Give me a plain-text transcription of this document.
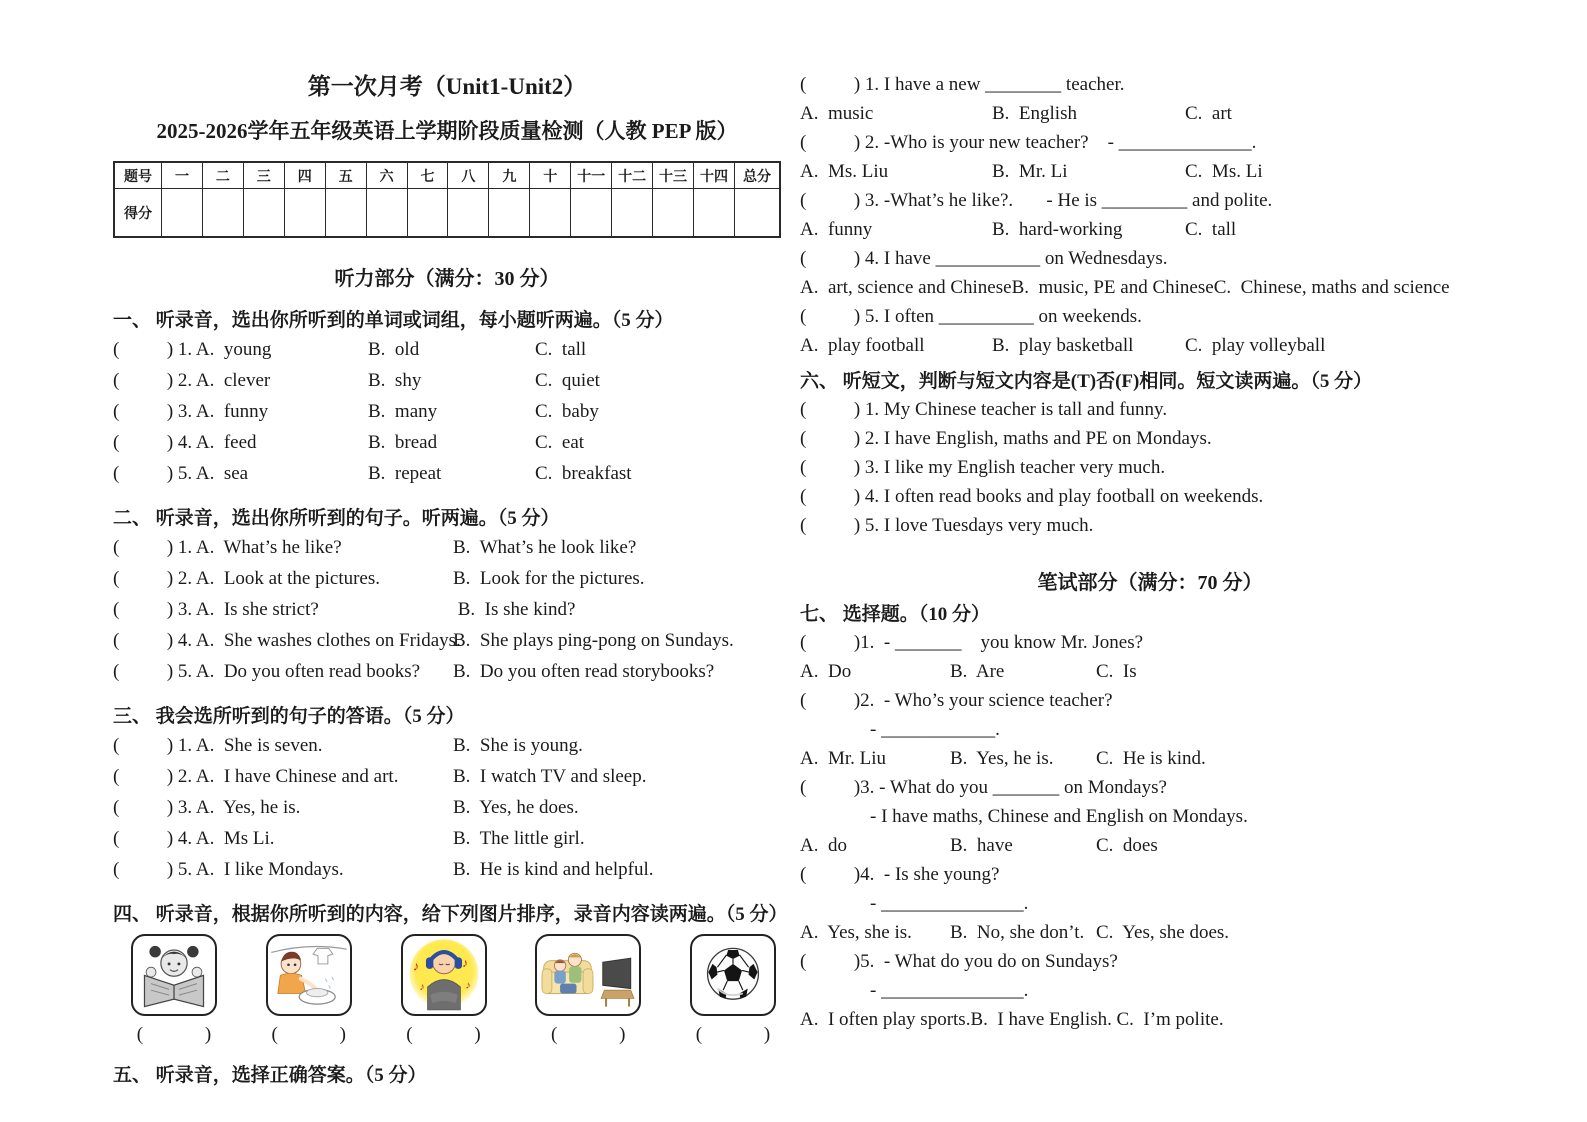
第一次月考（Unit1-Unit2）
2025-2026学年五年级英语上学期阶段质量检测（人教 PEP 版）
题号	一	二	三	四	五	六	七	八	九	十	十一	十二	十三	十四	总分
得分															
听力部分（满分：30 分）
一、 听录音，选出你所听到的单词或词组，每小题听两遍。（5 分）
(          ) 1. A.  young	B.  old	C.  tall
(          ) 2. A.  clever	B.  shy	C.  quiet
(          ) 3. A.  funny	B.  many	C.  baby
(          ) 4. A.  feed	B.  bread	C.  eat
(          ) 5. A.  sea	B.  repeat	C.  breakfast
二、 听录音，选出你所听到的句子。听两遍。（5 分）
(          ) 1. A.  What’s he like?	B.  What’s he look like?
(          ) 2. A.  Look at the pictures.	B.  Look for the pictures.
(          ) 3. A.  Is she strict?	B.  Is she kind?
(          ) 4. A.  She washes clothes on Fridays.
B.  She plays ping-pong on Sundays.
(          ) 5. A.  Do you often read books?	B.  Do you often read storybooks?
三、 我会选所听到的句子的答语。（5 分）
(          ) 1. A.  She is seven.	B.  She is young.
(          ) 2. A.  I have Chinese and art.	B.  I watch TV and sleep.
(          ) 3. A.  Yes, he is.	B.  Yes, he does.
(          ) 4. A.  Ms Li.	B.  The little girl.
(          ) 5. A.  I like Mondays.	B.  He is kind and helpful.
四、 听录音，根据你所听到的内容，给下列图片排序，录音内容读两遍。（5 分）
♪
♪
♪
♪
(             )	(             )	(             )	(             )	(             )
五、 听录音，选择正确答案。（5 分）
(          ) 1. I have a new ________ teacher.
A.  music	B.  English	C.  art
(          ) 2. -Who is your new teacher?    - ______________.
A.  Ms. Liu	B.  Mr. Li	C.  Ms. Li
(          ) 3. -What’s he like?.       - He is _________ and polite.
A.  funny	B.  hard-working	C.  tall
(          ) 4. I have ___________ on Wednesdays.
A.  art, science and Chinese B.  music, PE and Chinese C.  Chinese, maths and science
(          ) 5. I often __________ on weekends.
A.  play football	B.  play basketball	C.  play volleyball
六、 听短文，判断与短文内容是(T)否(F)相同。短文读两遍。（5 分）
(          ) 1. My Chinese teacher is tall and funny.
(          ) 2. I have English, maths and PE on Mondays.
(          ) 3. I like my English teacher very much.
(          ) 4. I often read books and play football on weekends.
(          ) 5. I love Tuesdays very much.
笔试部分（满分：70 分）
七、 选择题。（10 分）
(          )1.  - _______    you know Mr. Jones?
A.  Do	B.  Are	C.  Is
(          )2.  - Who’s your science teacher?
- ____________.
A.  Mr. Liu	B.  Yes, he is.	C.  He is kind.
(          )3. - What do you _______ on Mondays?
- I have maths, Chinese and English on Mondays.
A.  do	B.  have	C.  does
(          )4.  - Is she young?
- _______________.
A.  Yes, she is.	B.  No, she don’t. C.  Yes, she does.
(          )5.  - What do you do on Sundays?
- _______________.
A.  I often play sports. B.  I have English. C.  I’m polite.
